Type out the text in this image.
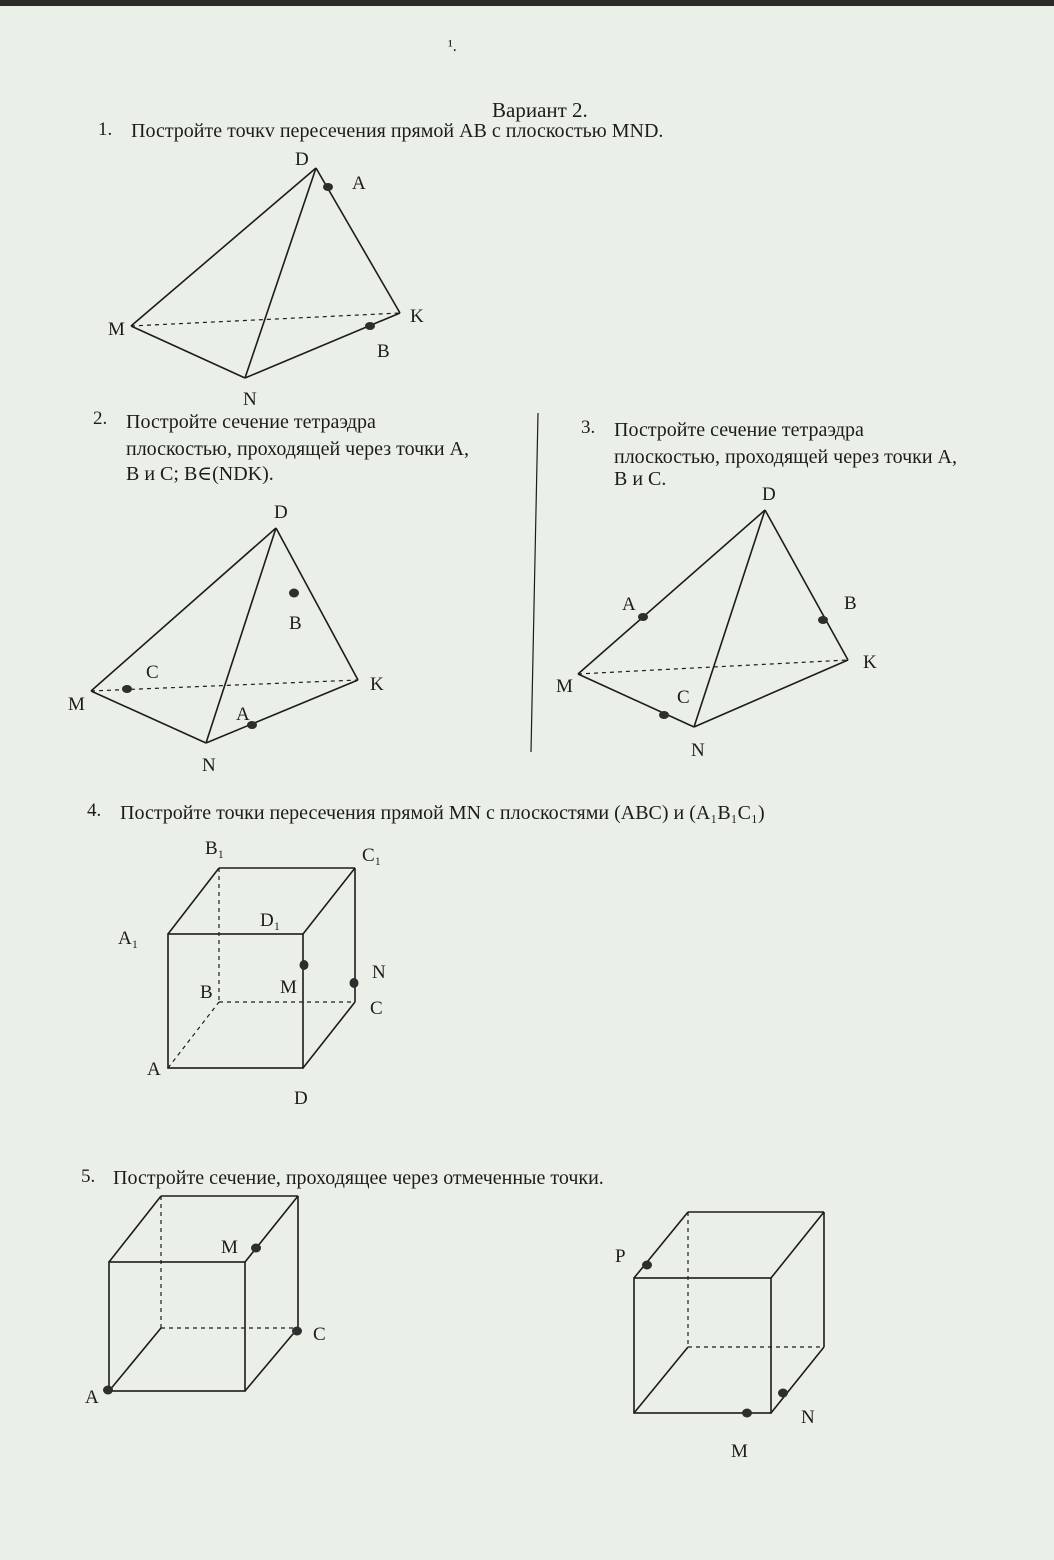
¹.
Вариант 2.
1. Постройте точкv пересечения прямой AB с плоскостью MND.
2. Постройте сечение тетраэдра
плоскостью, проходящей через точки A,
B и C; B∈(NDK).
3. Постройте сечение тетраэдра
плоскостью, проходящей через точки A,
B и C.
4. Постройте точки пересечения прямой MN с плоскостями (ABC) и (A₁B₁C₁)
5. Постройте сечение, проходящее через отмеченные точки.
D
A
M
K
B
N
D
B
C
M
K
A
N
D
A	B
M
K
C
N
B₁	C₁
A₁
D₁
N
B	M
C
A
D
M
C
A
P
N
M
